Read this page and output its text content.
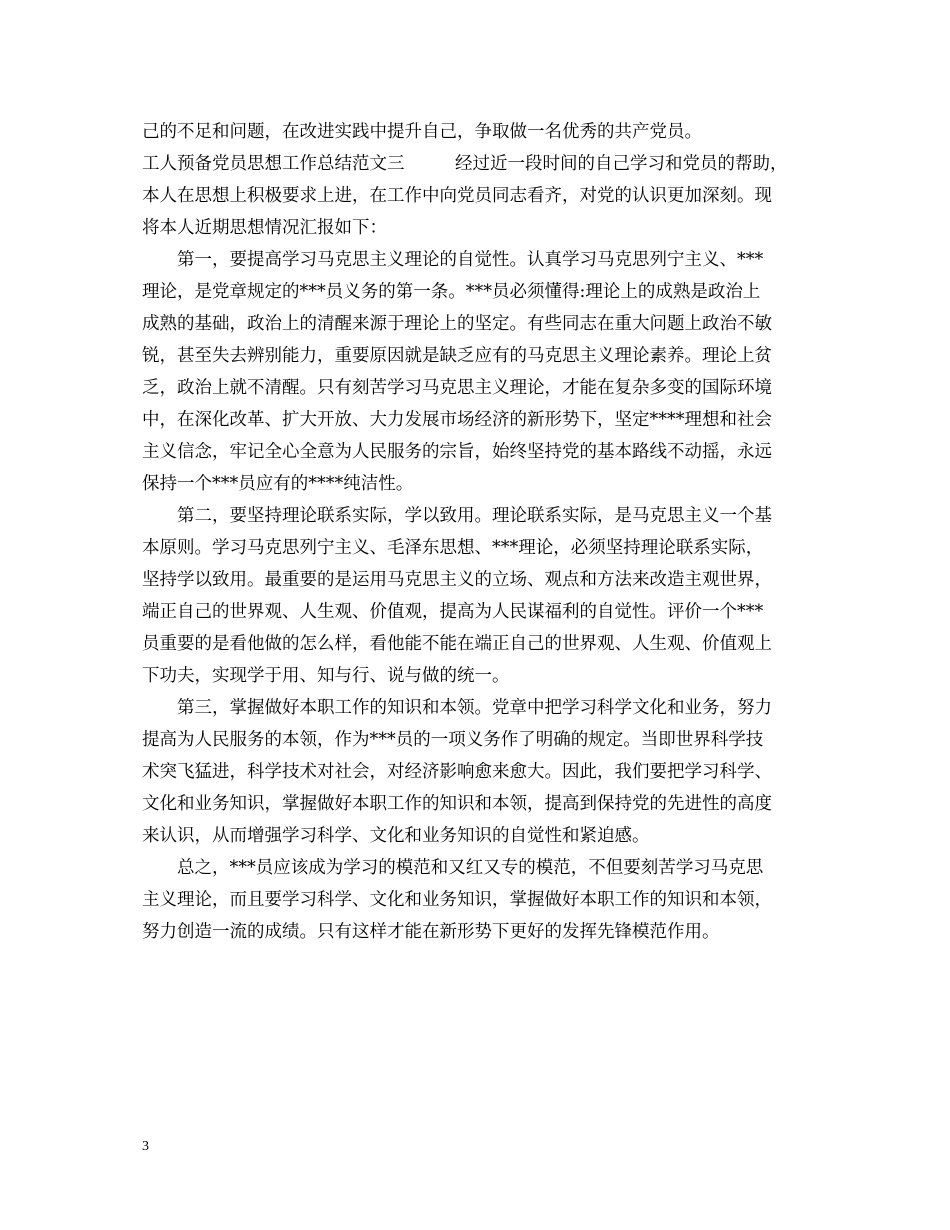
己的不足和问题，在改进实践中提升自己，争取做一名优秀的共产党员。
工人预备党员思想工作总结范文三	经过近一段时间的自己学习和党员的帮助，
本人在思想上积极要求上进，在工作中向党员同志看齐，对党的认识更加深刻。现
将本人近期思想情况汇报如下：
第一，要提高学习马克思主义理论的自觉性。认真学习马克思列宁主义、***
理论，是党章规定的***员义务的第一条。***员必须懂得:理论上的成熟是政治上
成熟的基础，政治上的清醒来源于理论上的坚定。有些同志在重大问题上政治不敏
锐，甚至失去辨别能力，重要原因就是缺乏应有的马克思主义理论素养。理论上贫
乏，政治上就不清醒。只有刻苦学习马克思主义理论，才能在复杂多变的国际环境
中，在深化改革、扩大开放、大力发展市场经济的新形势下，坚定****理想和社会
主义信念，牢记全心全意为人民服务的宗旨，始终坚持党的基本路线不动摇，永远
保持一个***员应有的****纯洁性。
第二，要坚持理论联系实际，学以致用。理论联系实际，是马克思主义一个基
本原则。学习马克思列宁主义、毛泽东思想、***理论，必须坚持理论联系实际，
坚持学以致用。最重要的是运用马克思主义的立场、观点和方法来改造主观世界，
端正自己的世界观、人生观、价值观，提高为人民谋福利的自觉性。评价一个***
员重要的是看他做的怎么样，看他能不能在端正自己的世界观、人生观、价值观上
下功夫，实现学于用、知与行、说与做的统一。
第三，掌握做好本职工作的知识和本领。党章中把学习科学文化和业务，努力
提高为人民服务的本领，作为***员的一项义务作了明确的规定。当即世界科学技
术突飞猛进，科学技术对社会，对经济影响愈来愈大。因此，我们要把学习科学、
文化和业务知识，掌握做好本职工作的知识和本领，提高到保持党的先进性的高度
来认识，从而增强学习科学、文化和业务知识的自觉性和紧迫感。
总之，***员应该成为学习的模范和又红又专的模范，不但要刻苦学习马克思
主义理论，而且要学习科学、文化和业务知识，掌握做好本职工作的知识和本领，
努力创造一流的成绩。只有这样才能在新形势下更好的发挥先锋模范作用。
3
